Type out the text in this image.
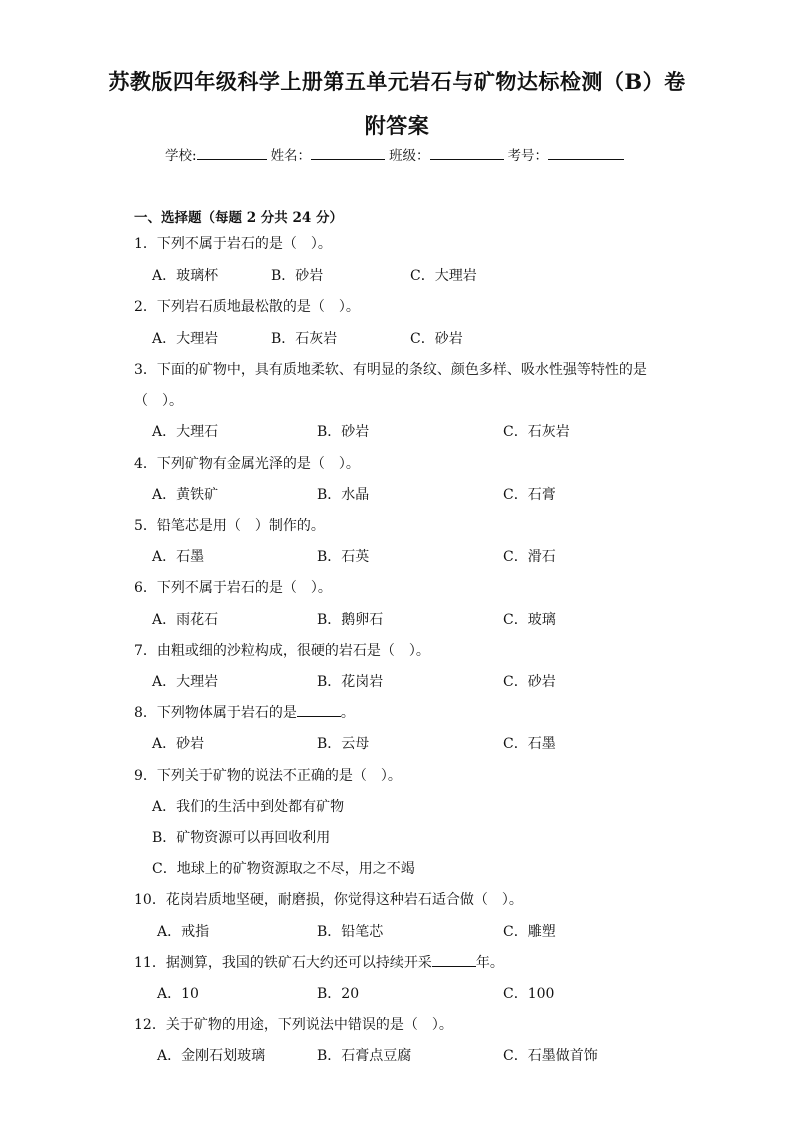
苏教版四年级科学上册第五单元岩石与矿物达标检测（B）卷
附答案
学校:	姓名：	班级：	考号：
一、选择题（每题 2 分共 24 分）
1．下列不属于岩石的是（　）。
A．玻璃杯	B．砂岩	C．大理岩
2．下列岩石质地最松散的是（　）。
A．大理岩	B．石灰岩	C．砂岩
3．下面的矿物中，具有质地柔软、有明显的条纹、颜色多样、吸水性强等特性的是
（　）。
A．大理石	B．砂岩	C．石灰岩
4．下列矿物有金属光泽的是（　）。
A．黄铁矿	B．水晶	C．石膏
5．铅笔芯是用（　）制作的。
A．石墨	B．石英	C．滑石
6．下列不属于岩石的是（　）。
A．雨花石	B．鹅卵石	C．玻璃
7．由粗或细的沙粒构成，很硬的岩石是（　）。
A．大理岩	B．花岗岩	C．砂岩
8．下列物体属于岩石的是	。
A．砂岩	B．云母	C．石墨
9．下列关于矿物的说法不正确的是（　）。
A．我们的生活中到处都有矿物
B．矿物资源可以再回收利用
C．地球上的矿物资源取之不尽，用之不竭
10．花岗岩质地坚硬，耐磨损，你觉得这种岩石适合做（　）。
A．戒指	B．铅笔芯	C．雕塑
11．据测算，我国的铁矿石大约还可以持续开采	年。
A．10	B．20	C．100
12．关于矿物的用途，下列说法中错误的是（　）。
A．金刚石划玻璃	B．石膏点豆腐	C．石墨做首饰
